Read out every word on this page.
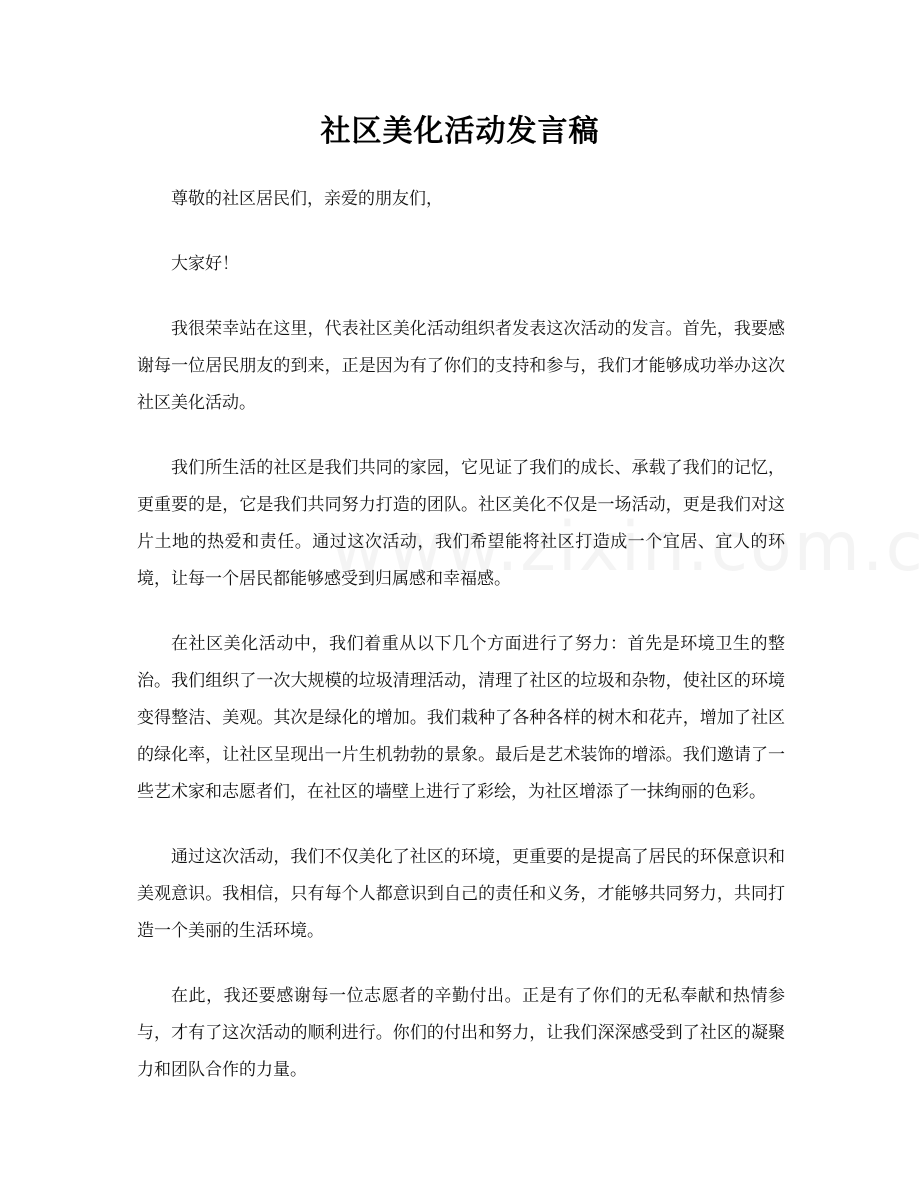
社区美化活动发言稿

尊敬的社区居民们，亲爱的朋友们，

大家好！

我很荣幸站在这里，代表社区美化活动组织者发表这次活动的发言。首先，我要感谢每一位居民朋友的到来，正是因为有了你们的支持和参与，我们才能够成功举办这次社区美化活动。

我们所生活的社区是我们共同的家园，它见证了我们的成长、承载了我们的记忆，更重要的是，它是我们共同努力打造的团队。社区美化不仅是一场活动，更是我们对这片土地的热爱和责任。通过这次活动，我们希望能将社区打造成一个宜居、宜人的环境，让每一个居民都能够感受到归属感和幸福感。

在社区美化活动中，我们着重从以下几个方面进行了努力：首先是环境卫生的整治。我们组织了一次大规模的垃圾清理活动，清理了社区的垃圾和杂物，使社区的环境变得整洁、美观。其次是绿化的增加。我们栽种了各种各样的树木和花卉，增加了社区的绿化率，让社区呈现出一片生机勃勃的景象。最后是艺术装饰的增添。我们邀请了一些艺术家和志愿者们，在社区的墙壁上进行了彩绘，为社区增添了一抹绚丽的色彩。

通过这次活动，我们不仅美化了社区的环境，更重要的是提高了居民的环保意识和美观意识。我相信，只有每个人都意识到自己的责任和义务，才能够共同努力，共同打造一个美丽的生活环境。

在此，我还要感谢每一位志愿者的辛勤付出。正是有了你们的无私奉献和热情参与，才有了这次活动的顺利进行。你们的付出和努力，让我们深深感受到了社区的凝聚力和团队合作的力量。
